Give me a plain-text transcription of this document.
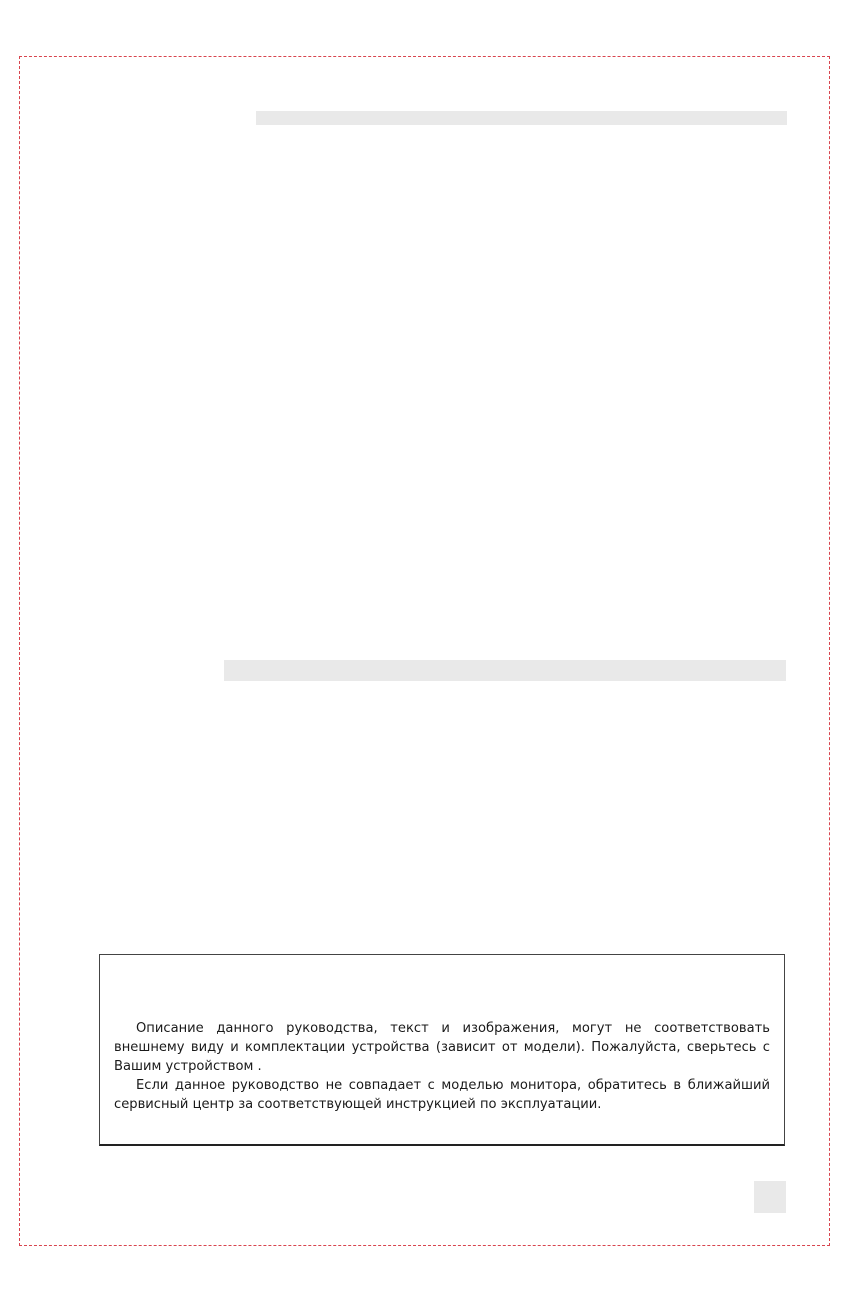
Описание данного руководства, текст и изображения, могут не соответствовать внешнему виду и комплектации устройства (зависит от модели). Пожалуйста, сверьтесь с Вашим устройством .

Если данное руководство не совпадает с моделью монитора, обратитесь в ближайший сервисный центр за соответствующей инструкцией по эксплуатации.
